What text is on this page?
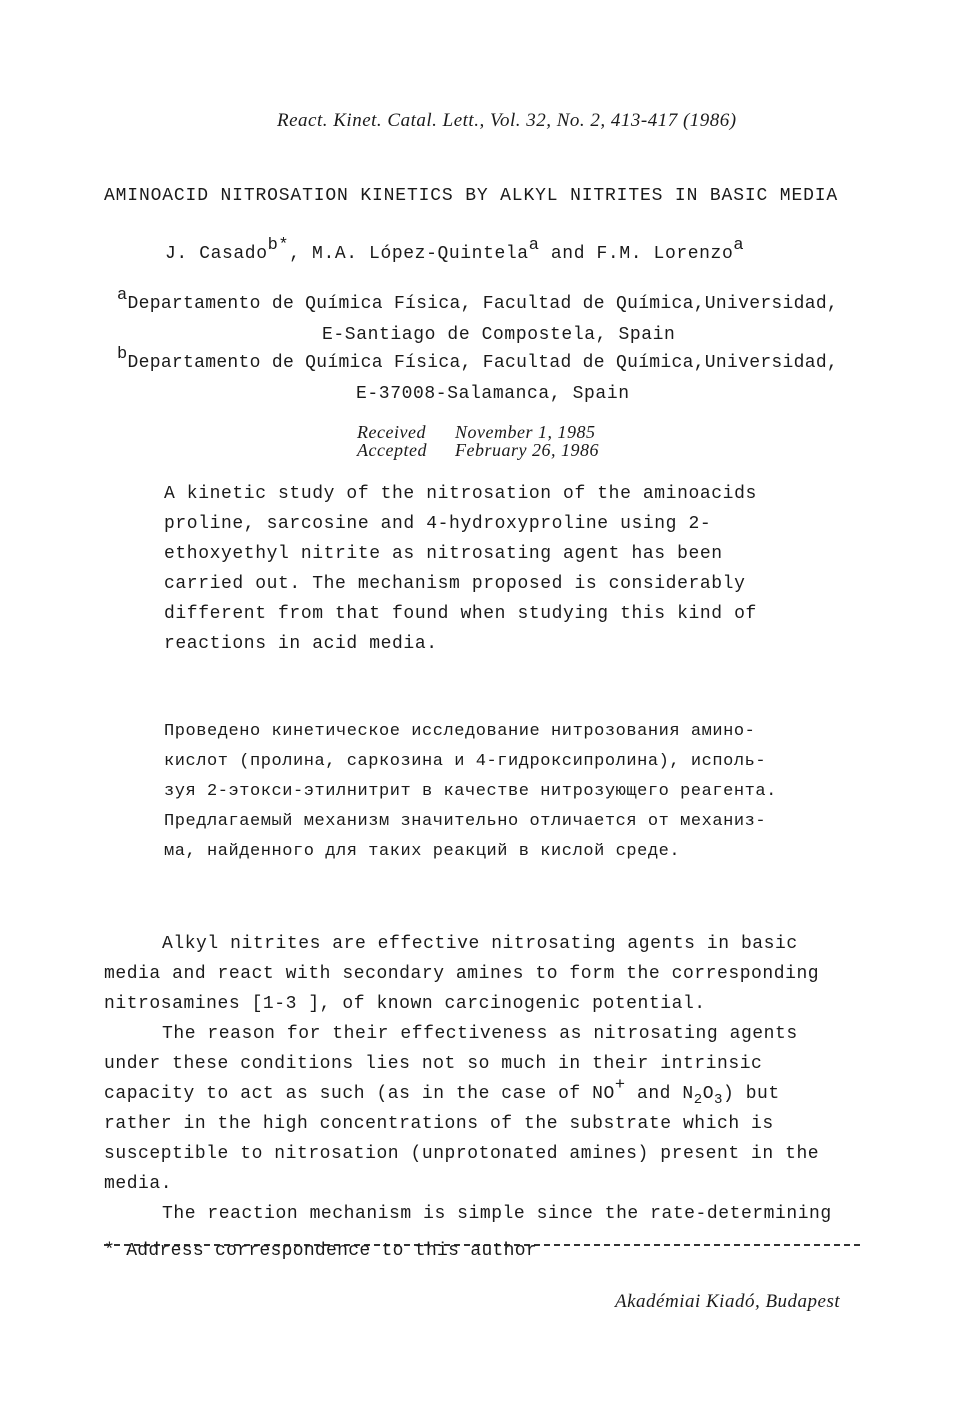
React. Kinet. Catal. Lett., Vol. 32, No. 2, 413-417 (1986)
AMINOACID NITROSATION KINETICS BY ALKYL NITRITES IN BASIC MEDIA
J. Casadob*, M.A. López-Quintelaa and F.M. Lorenzoa
aDepartamento de Química Física, Facultad de Química,Universidad,
E-Santiago de Compostela, Spain
bDepartamento de Química Física, Facultad de Química,Universidad,
E-37008-Salamanca, Spain
Received November 1, 1985
Accepted February 26, 1986
A kinetic study of the nitrosation of the aminoacids
proline, sarcosine and 4-hydroxyproline using 2-
ethoxyethyl nitrite as nitrosating agent has been
carried out. The mechanism proposed is considerably
different from that found when studying this kind of
reactions in acid media.
Проведено кинетическое исследование нитрозования амино-
кислот (пролина, саркозина и 4-гидроксипролина), исполь-
зуя 2-этокси-этилнитрит в качестве нитрозующего реагента.
Предлагаемый механизм значительно отличается от механиз-
ма, найденного для таких реакций в кислой среде.
Alkyl nitrites are effective nitrosating agents in basic
media and react with secondary amines to form the corresponding
nitrosamines [1-3 ], of known carcinogenic potential.
The reason for their effectiveness as nitrosating agents
under these conditions lies not so much in their intrinsic
capacity to act as such (as in the case of NO+ and $N_2O_3$) but
rather in the high concentrations of the substrate which is
susceptible to nitrosation (unprotonated amines) present in the
media.
The reaction mechanism is simple since the rate-determining
* Address correspondence to this author
Akadémiai Kiadó, Budapest
